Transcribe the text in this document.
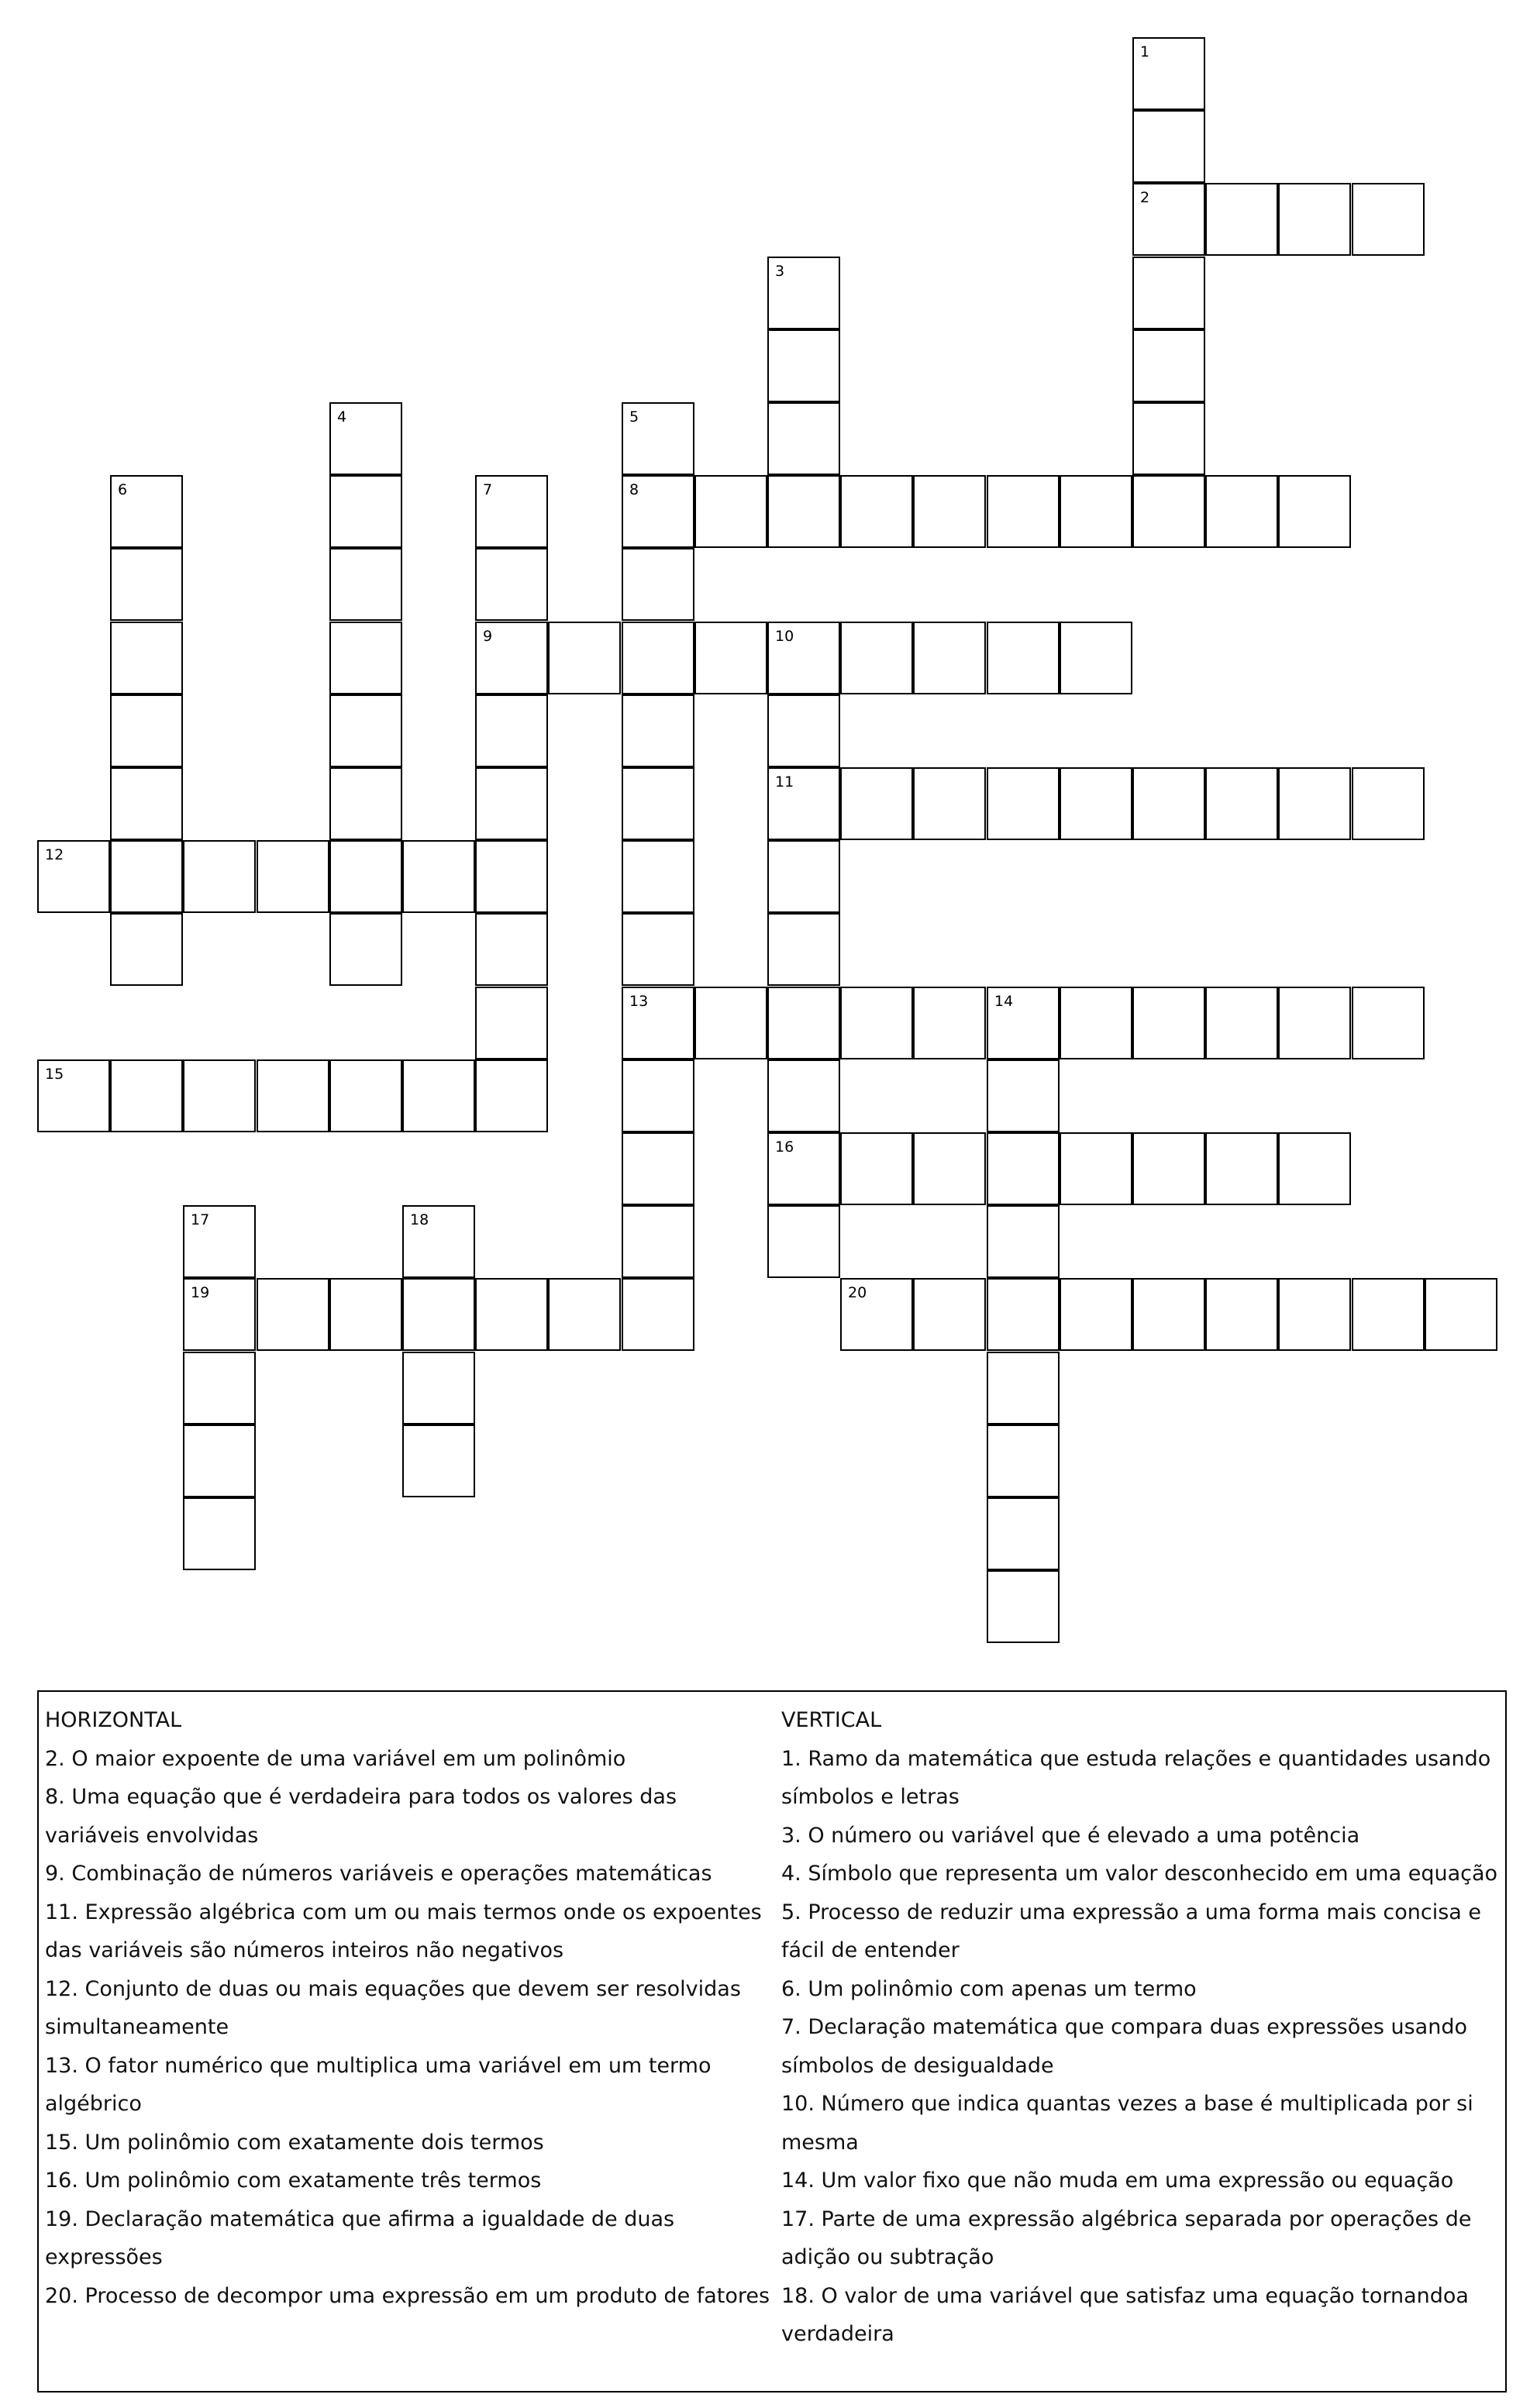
1
2
3
4	5
8
13
6	7
9	10
11
16
12
14
15
17
19
18
20

HORIZONTAL

2. O maior expoente de uma variável em um polinômio

8. Uma equação que é verdadeira para todos os valores das variáveis envolvidas

9. Combinação de números variáveis e operações matemáticas

11. Expressão algébrica com um ou mais termos onde os expoentes das variáveis são números inteiros não negativos

12. Conjunto de duas ou mais equações que devem ser resolvidas simultaneamente

13. O fator numérico que multiplica uma variável em um termo algébrico

15. Um polinômio com exatamente dois termos

16. Um polinômio com exatamente três termos

19. Declaração matemática que afirma a igualdade de duas expressões

20. Processo de decompor uma expressão em um produto de fatores

VERTICAL

1. Ramo da matemática que estuda relações e quantidades usando símbolos e letras

3. O número ou variável que é elevado a uma potência

4. Símbolo que representa um valor desconhecido em uma equação

5. Processo de reduzir uma expressão a uma forma mais concisa e fácil de entender

6. Um polinômio com apenas um termo

7. Declaração matemática que compara duas expressões usando símbolos de desigualdade

10. Número que indica quantas vezes a base é multiplicada por si mesma

14. Um valor fixo que não muda em uma expressão ou equação

17. Parte de uma expressão algébrica separada por operações de adição ou subtração

18. O valor de uma variável que satisfaz uma equação tornandoa verdadeira
